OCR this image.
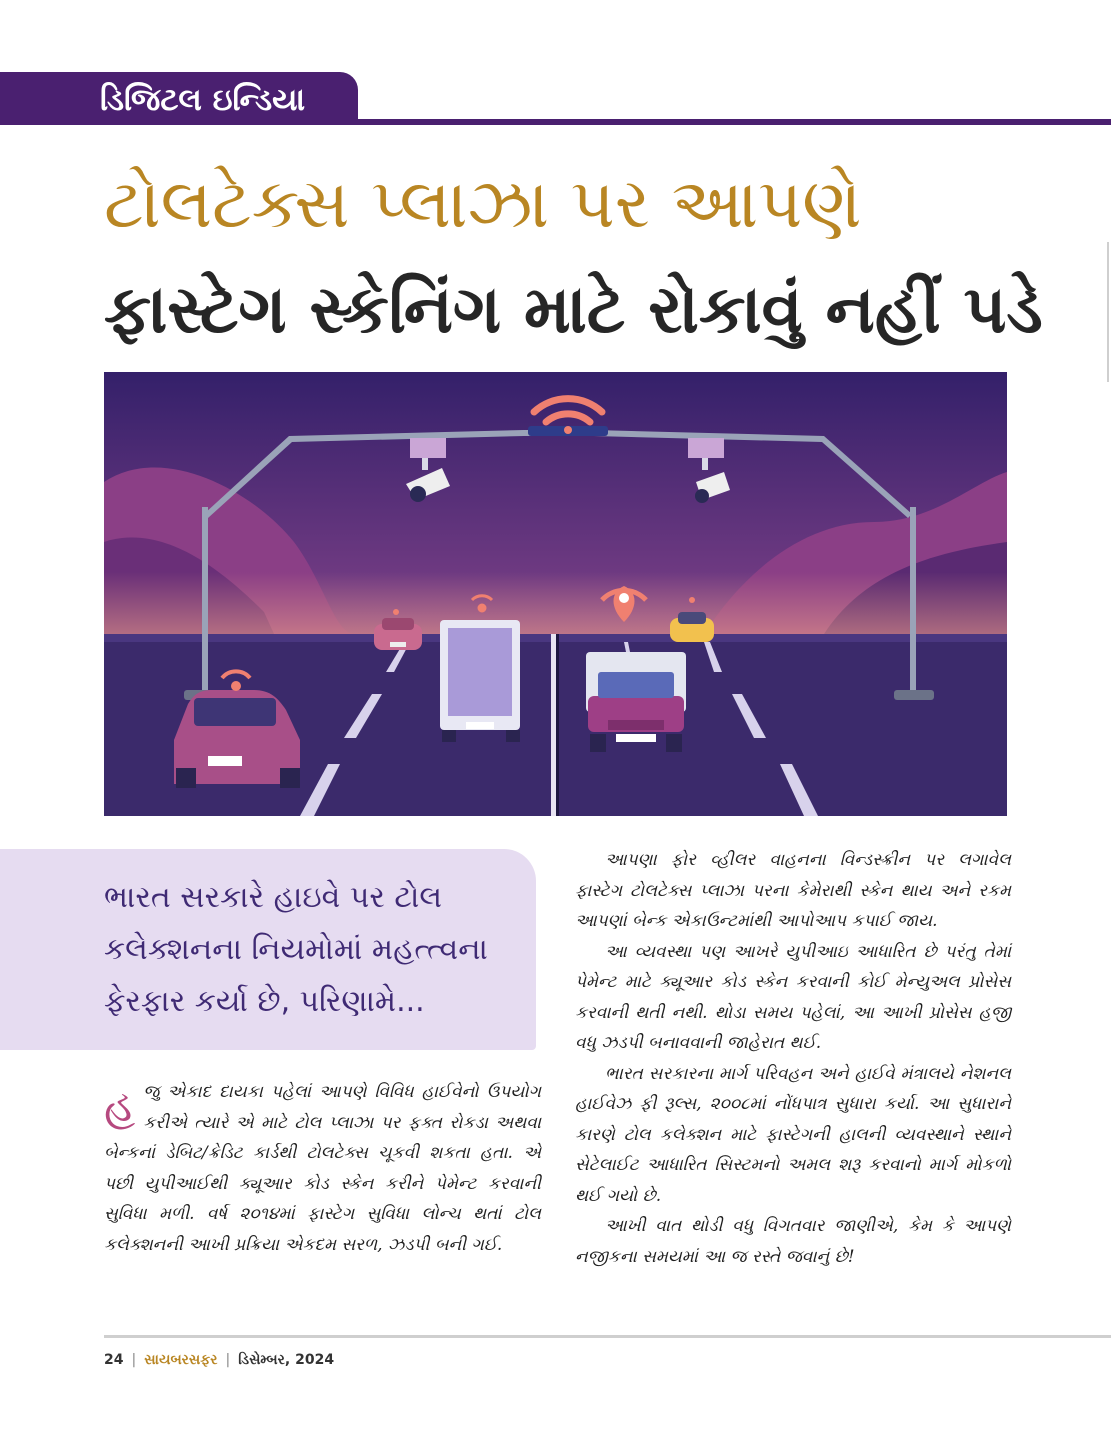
ડિજિટલ ઇન્ડિયા
ટોલટેક્સ પ્લાઝા પર આપણે
ફાસ્ટેગ સ્કેનિંગ માટે રોકાવું નહીં પડે
ભારત સરકારે હાઇવે પર ટોલ કલેક્શનના નિયમોમાં મહત્ત્વના ફેરફાર કર્યા છે, પરિણામે...
હજુ એકાદ દાયકા પહેલાં આપણે વિવિધ હાઈવેનો ઉપયોગ કરીએ ત્યારે એ માટે ટોલ પ્લાઝા પર ફક્ત રોકડા અથવા બેન્કનાં ડેબિટ/ક્રેડિટ કાર્ડથી ટોલટેક્સ ચૂકવી શકતા હતા. એ પછી યુપીઆઈથી ક્યૂઆર કોડ સ્કેન કરીને પેમેન્ટ કરવાની સુવિધા મળી. વર્ષ ૨૦૧૪માં ફાસ્ટેગ સુવિધા લોન્ચ થતાં ટોલ કલેક્શનની આખી પ્રક્રિયા એકદમ સરળ, ઝડપી બની ગઈ.

આપણા ફોર વ્હીલર વાહનના વિન્ડસ્ક્રીન પર લગાવેલ ફાસ્ટેગ ટોલટેક્સ પ્લાઝા પરના કેમેરાથી સ્કેન થાય અને રકમ આપણાં બેન્ક એકાઉન્ટમાંથી આપોઆપ કપાઈ જાય.

આ વ્યવસ્થા પણ આખરે યુપીઆઇ આધારિત છે પરંતુ તેમાં પેમેન્ટ માટે ક્યૂઆર કોડ સ્કેન કરવાની કોઈ મેન્યુઅલ પ્રોસેસ કરવાની થતી નથી. થોડા સમય પહેલાં, આ આખી પ્રોસેસ હજી વધુ ઝડપી બનાવવાની જાહેરાત થઈ.

ભારત સરકારના માર્ગ પરિવહન અને હાઈવે મંત્રાલયે નેશનલ હાઈવેઝ ફી રૂલ્સ, ૨૦૦૮માં નોંધપાત્ર સુધારા કર્યા. આ સુધારાને કારણે ટોલ કલેક્શન માટે ફાસ્ટેગની હાલની વ્યવસ્થાને સ્થાને સેટેલાઈટ આધારિત સિસ્ટમનો અમલ શરૂ કરવાનો માર્ગ મોકળો થઈ ગયો છે.

આખી વાત થોડી વધુ વિગતવાર જાણીએ, કેમ કે આપણે નજીકના સમયમાં આ જ રસ્તે જવાનું છે!

24 | સાયબરસફર | ડિસેમ્બર, 2024
